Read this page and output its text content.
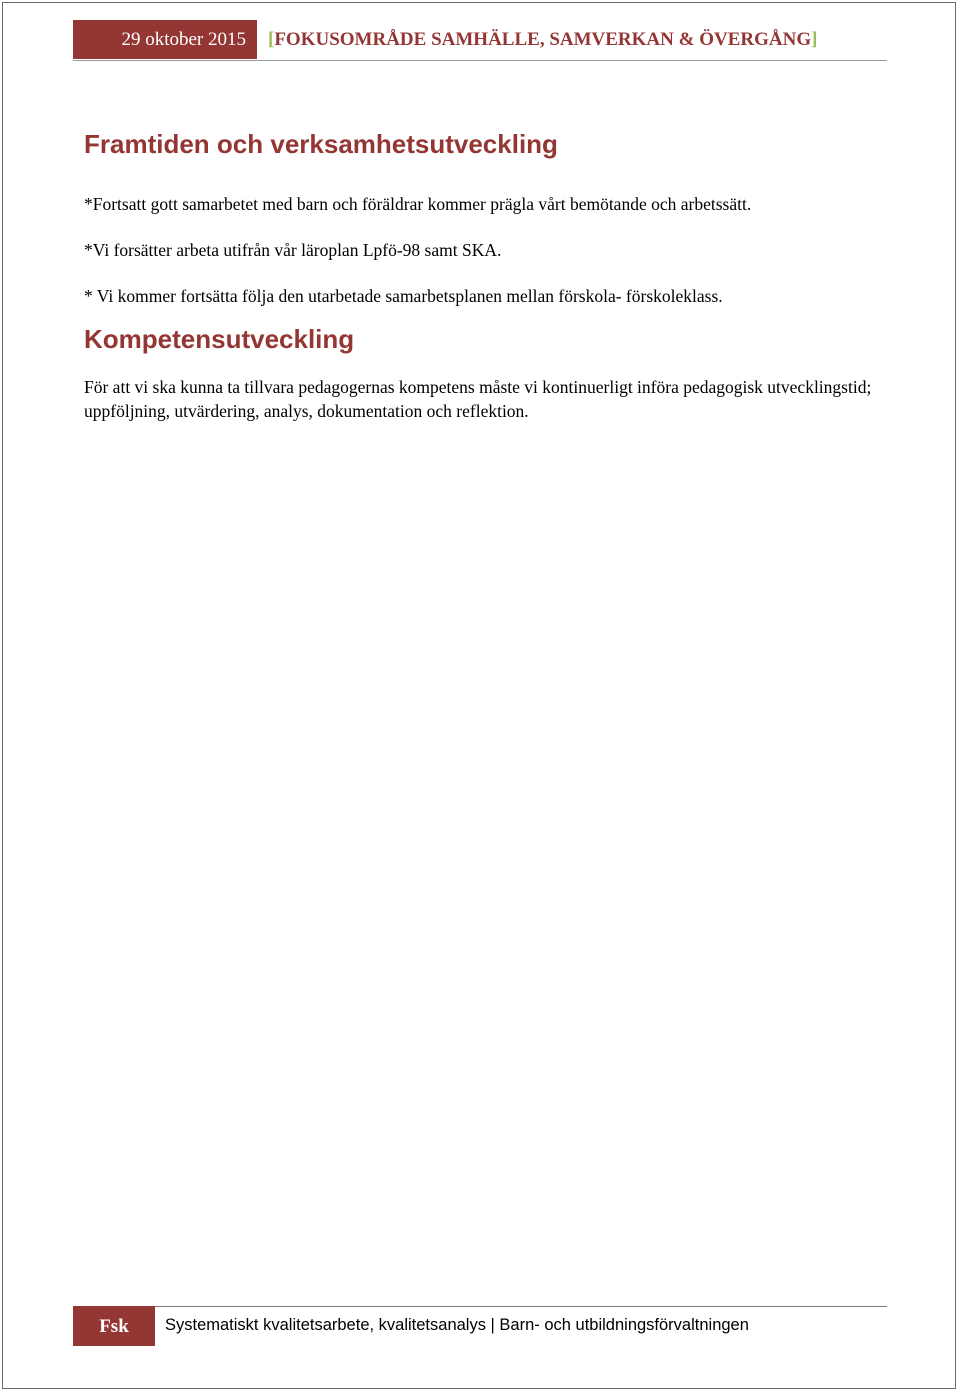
29 oktober 2015 [FOKUSOMRÅDE SAMHÄLLE, SAMVERKAN & ÖVERGÅNG]
Framtiden och verksamhetsutveckling

*Fortsatt gott samarbetet med barn och föräldrar kommer prägla vårt bemötande och arbetssätt.

*Vi forsätter arbeta utifrån vår läroplan Lpfö-98 samt SKA.

* Vi kommer fortsätta följa den utarbetade samarbetsplanen mellan förskola- förskoleklass.

Kompetensutveckling

För att vi ska kunna ta tillvara pedagogernas kompetens måste vi kontinuerligt införa pedagogisk utvecklingstid; uppföljning, utvärdering, analys, dokumentation och reflektion.

Fsk Systematiskt kvalitetsarbete, kvalitetsanalys | Barn- och utbildningsförvaltningen
